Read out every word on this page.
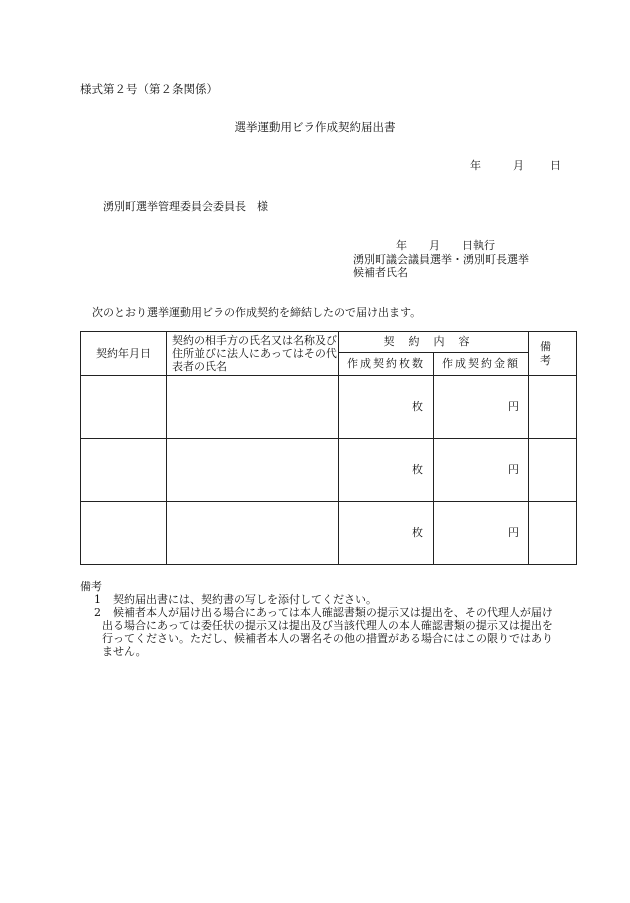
様式第２号（第２条関係）
選挙運動用ビラ作成契約届出書
年	月 日
湧別町選挙管理委員会委員長　様
年　　月　　日執行
湧別町議会議員選挙・湧別町長選挙
候補者氏名
次のとおり選挙運動用ビラの作成契約を締結したので届け出ます。
契約年月日	契約の相手方の氏名又は名称及び住所並びに法人にあってはその代表者の氏名	契約内容		備考
		作成契約枚数	作成契約金額	
		枚	円	
		枚	円	
		枚	円	
備考
1	契約届出書には、契約書の写しを添付してください。
2	候補者本人が届け出る場合にあっては本人確認書類の提示又は提出を、その代理人が届け出る場合にあっては委任状の提示又は提出及び当該代理人の本人確認書類の提示又は提出を行ってください。ただし、候補者本人の署名その他の措置がある場合にはこの限りではありません。
